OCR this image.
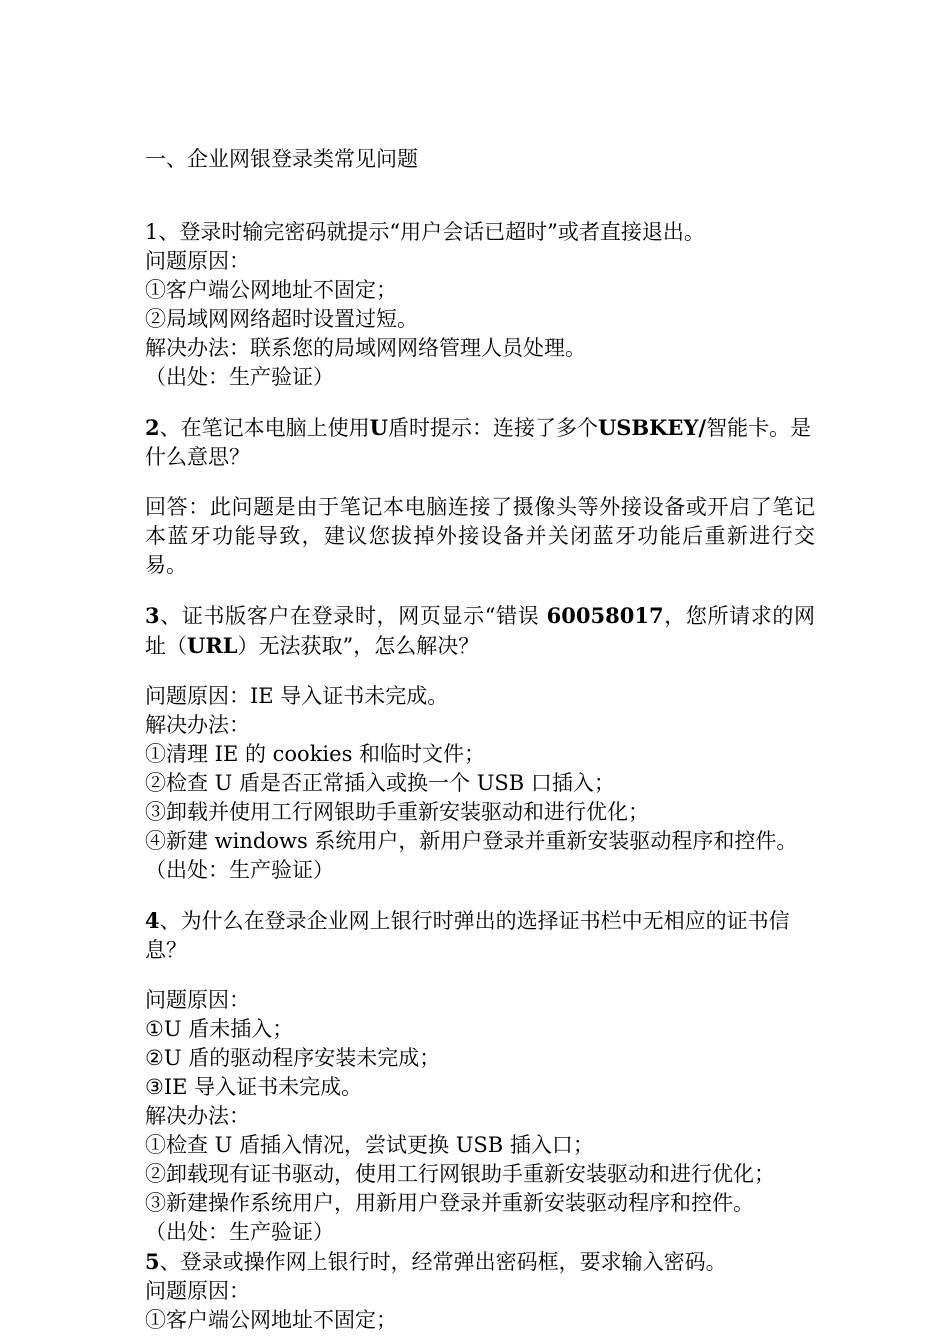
一、企业网银登录类常见问题

1、登录时输完密码就提示“用户会话已超时”或者直接退出。

问题原因：

①客户端公网地址不固定；

②局域网网络超时设置过短。

解决办法：联系您的局域网网络管理人员处理。

（出处：生产验证）

2、在笔记本电脑上使用U盾时提示：连接了多个USBKEY/智能卡。是什么意思？

回答：此问题是由于笔记本电脑连接了摄像头等外接设备或开启了笔记本蓝牙功能导致，建议您拔掉外接设备并关闭蓝牙功能后重新进行交易。

3、证书版客户在登录时，网页显示“错误 60058017，您所请求的网址（URL）无法获取”，怎么解决？

问题原因：IE 导入证书未完成。

解决办法：

①清理 IE 的 cookies 和临时文件；

②检查 U 盾是否正常插入或换一个 USB 口插入；

③卸载并使用工行网银助手重新安装驱动和进行优化；

④新建 windows 系统用户，新用户登录并重新安装驱动程序和控件。

（出处：生产验证）

4、为什么在登录企业网上银行时弹出的选择证书栏中无相应的证书信息？

问题原因：

①U 盾未插入；

②U 盾的驱动程序安装未完成；

③IE 导入证书未完成。

解决办法：

①检查 U 盾插入情况，尝试更换 USB 插入口；

②卸载现有证书驱动，使用工行网银助手重新安装驱动和进行优化；

③新建操作系统用户，用新用户登录并重新安装驱动程序和控件。

（出处：生产验证）

5、登录或操作网上银行时，经常弹出密码框，要求输入密码。

问题原因：

①客户端公网地址不固定；
